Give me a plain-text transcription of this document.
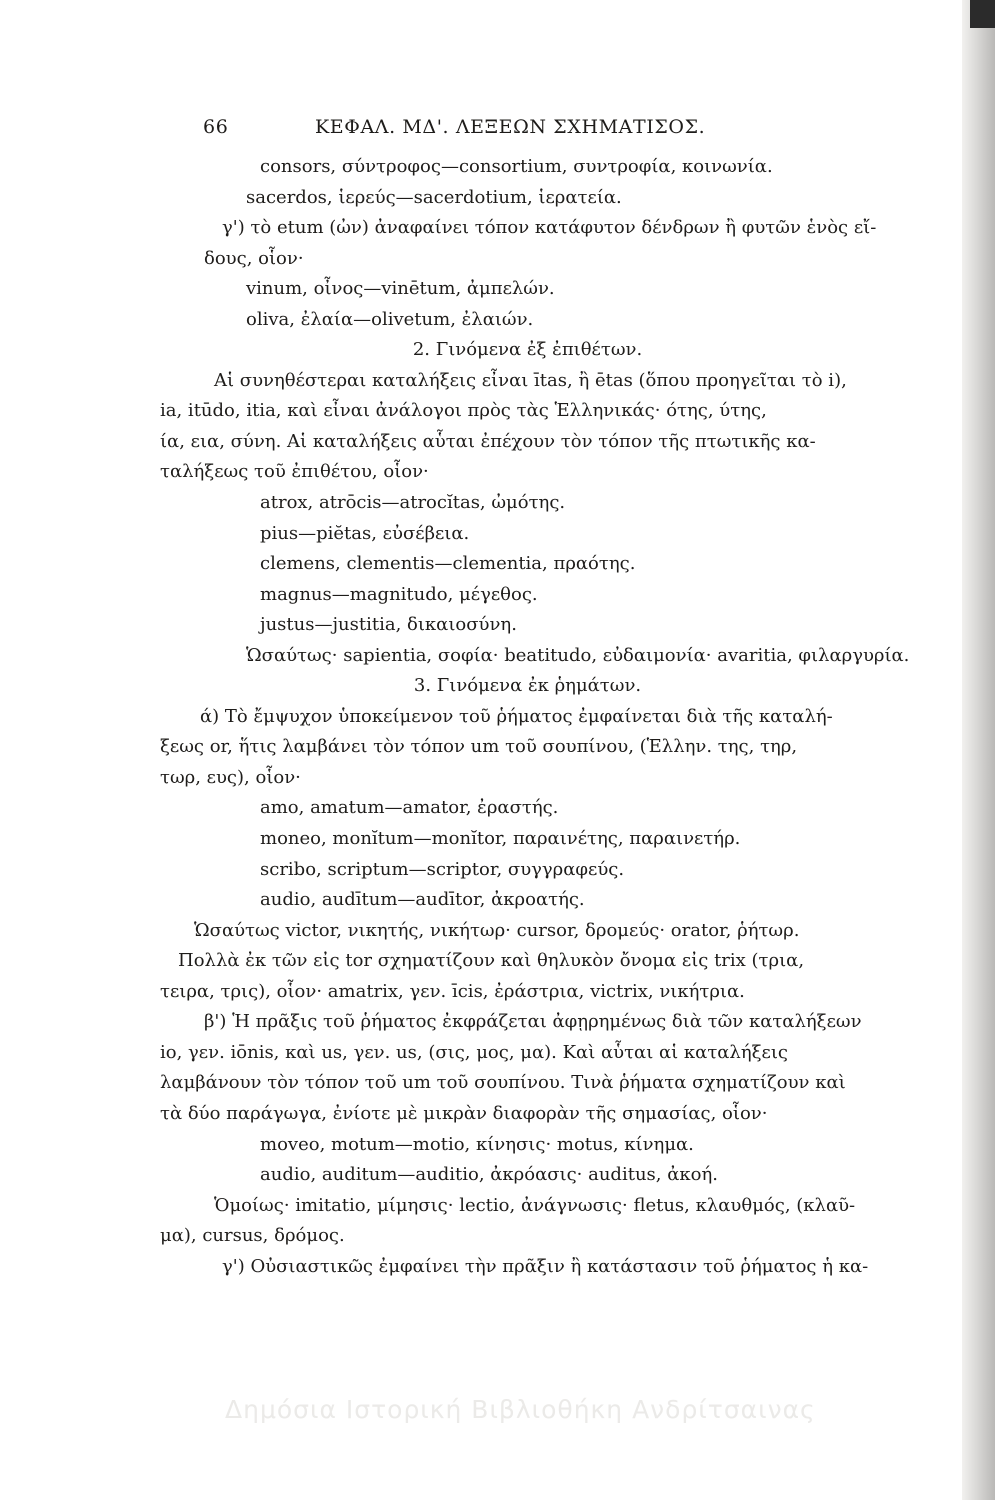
66	ΚΕΦΑΛ. ΜΔ'. ΛΕΞΕΩΝ ΣΧΗΜΑΤΙΣΟΣ.
consors, σύντροφος—consortium, συντροφία, κοινωνία.
sacerdos, ἱερεύς—sacerdotium, ἱερατεία.
γ') τὸ etum (ὠν) ἀναφαίνει τόπον κατάφυτον δένδρων ἢ φυτῶν ἑνὸς εἴ-
δους, οἷον·
vinum, οἶνος—vinētum, ἀμπελών.
oliva, ἐλαία—olivetum, ἐλαιών.
2. Γινόμενα ἐξ ἐπιθέτων.
Αἱ συνηθέστεραι καταλήξεις εἶναι ītas, ἢ ētas (ὅπου προηγεῖται τὸ i),
ia, itūdo, itia, καὶ εἶναι ἀνάλογοι πρὸς τὰς Ἑλληνικάς· ότης, ύτης,
ία, εια, σύνη. Αἱ καταλήξεις αὗται ἐπέχουν τὸν τόπον τῆς πτωτικῆς κα-
ταλήξεως τοῦ ἐπιθέτου, οἷον·
atrox, atrōcis—atrocĭtas, ὠμότης.
pius—piĕtas, εὐσέβεια.
clemens, clementis—clementia, πραότης.
magnus—magnitudo, μέγεθος.
justus—justitia, δικαιοσύνη.
Ὡσαύτως· sapientia, σοφία· beatitudo, εὐδαιμονία· avaritia, φιλαργυρία.
3. Γινόμενα ἐκ ῥημάτων.
ά) Τὸ ἔμψυχον ὑποκείμενον τοῦ ῥήματος ἐμφαίνεται διὰ τῆς καταλή-
ξεως or, ἥτις λαμβάνει τὸν τόπον um τοῦ σουπίνου, (Ἑλλην. της, τηρ,
τωρ, ευς), οἷον·
amo, amatum—amator, ἐραστής.
moneo, monĭtum—monĭtor, παραινέτης, παραινετήρ.
scribo, scriptum—scriptor, συγγραφεύς.
audio, audītum—audītor, ἀκροατής.
Ὡσαύτως victor, νικητής, νικήτωρ· cursor, δρομεύς· orator, ῥήτωρ.
Πολλὰ ἐκ τῶν εἰς tor σχηματίζουν καὶ θηλυκὸν ὄνομα εἰς trix (τρια,
τειρα, τρις), οἷον· amatrix, γεν. īcis, ἐράστρια, victrix, νικήτρια.
β') Ἡ πρᾶξις τοῦ ῥήματος ἐκφράζεται ἀφῃρημένως διὰ τῶν καταλήξεων
io, γεν. iōnis, καὶ us, γεν. us, (σις, μος, μα). Καὶ αὗται αἱ καταλήξεις
λαμβάνουν τὸν τόπον τοῦ um τοῦ σουπίνου. Τινὰ ῥήματα σχηματίζουν καὶ
τὰ δύο παράγωγα, ἐνίοτε μὲ μικρὰν διαφορὰν τῆς σημασίας, οἷον·
moveo, motum—motio, κίνησις· motus, κίνημα.
audio, auditum—auditio, ἀκρόασις· auditus, ἀκοή.
Ὁμοίως· imitatio, μίμησις· lectio, ἀνάγνωσις· fletus, κλαυθμός, (κλαῦ-
μα), cursus, δρόμος.
γ') Οὐσιαστικῶς ἐμφαίνει τὴν πρᾶξιν ἢ κατάστασιν τοῦ ῥήματος ἡ κα-
Δημόσια Ιστορική Βιβλιοθήκη Ανδρίτσαινας
